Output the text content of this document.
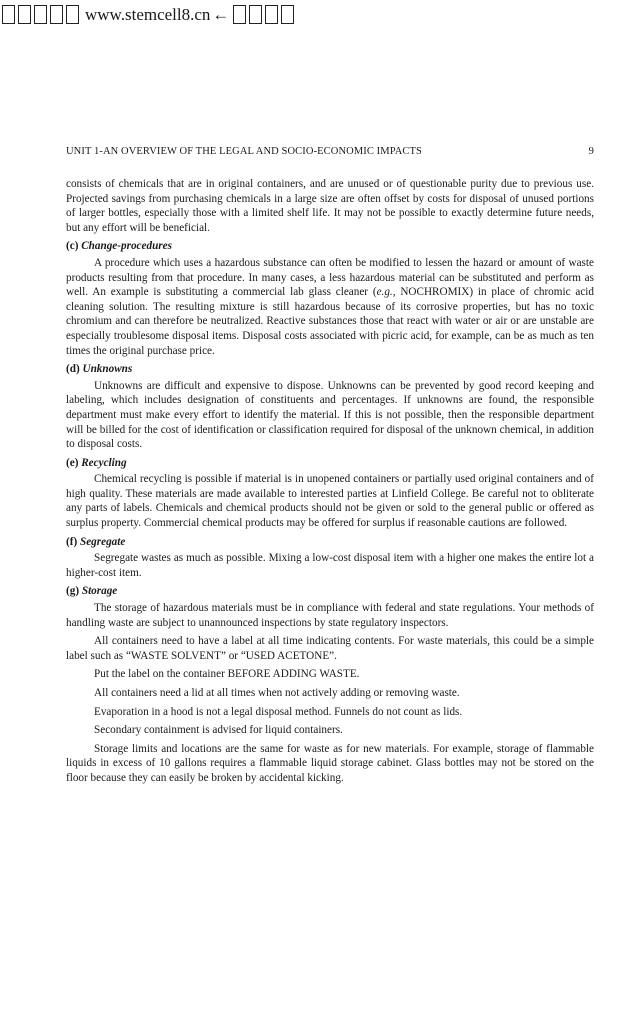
www.stemcell8.cn ←
UNIT 1-AN OVERVIEW OF THE LEGAL AND SOCIO-ECONOMIC IMPACTS	9

consists of chemicals that are in original containers, and are unused or of questionable purity due to previous use. Projected savings from purchasing chemicals in a large size are often offset by costs for disposal of unused portions of larger bottles, especially those with a limited shelf life. It may not be possible to exactly determine future needs, but any effort will be beneficial.

(c) Change-procedures

A procedure which uses a hazardous substance can often be modified to lessen the hazard or amount of waste products resulting from that procedure. In many cases, a less hazardous material can be substituted and perform as well. An example is substituting a commercial lab glass cleaner (e.g., NOCHROMIX) in place of chromic acid cleaning solution. The resulting mixture is still hazardous because of its corrosive properties, but has no toxic chromium and can therefore be neutralized. Reactive substances those that react with water or air or are unstable are especially troublesome disposal items. Disposal costs associated with picric acid, for example, can be as much as ten times the original purchase price.

(d) Unknowns

Unknowns are difficult and expensive to dispose. Unknowns can be prevented by good record keeping and labeling, which includes designation of constituents and percentages. If unknowns are found, the responsible department must make every effort to identify the material. If this is not possible, then the responsible department will be billed for the cost of identification or classification required for disposal of the unknown chemical, in addition to disposal costs.

(e) Recycling

Chemical recycling is possible if material is in unopened containers or partially used original containers and of high quality. These materials are made available to interested parties at Linfield College. Be careful not to obliterate any parts of labels. Chemicals and chemical products should not be given or sold to the general public or offered as surplus property. Commercial chemical products may be offered for surplus if reasonable cautions are followed.

(f) Segregate

Segregate wastes as much as possible. Mixing a low-cost disposal item with a higher one makes the entire lot a higher-cost item.

(g) Storage

The storage of hazardous materials must be in compliance with federal and state regulations. Your methods of handling waste are subject to unannounced inspections by state regulatory inspectors.

All containers need to have a label at all time indicating contents. For waste materials, this could be a simple label such as “WASTE SOLVENT” or “USED ACETONE”.

Put the label on the container BEFORE ADDING WASTE.

All containers need a lid at all times when not actively adding or removing waste.

Evaporation in a hood is not a legal disposal method. Funnels do not count as lids.

Secondary containment is advised for liquid containers.

Storage limits and locations are the same for waste as for new materials. For example, storage of flammable liquids in excess of 10 gallons requires a flammable liquid storage cabinet. Glass bottles may not be stored on the floor because they can easily be broken by accidental kicking.
